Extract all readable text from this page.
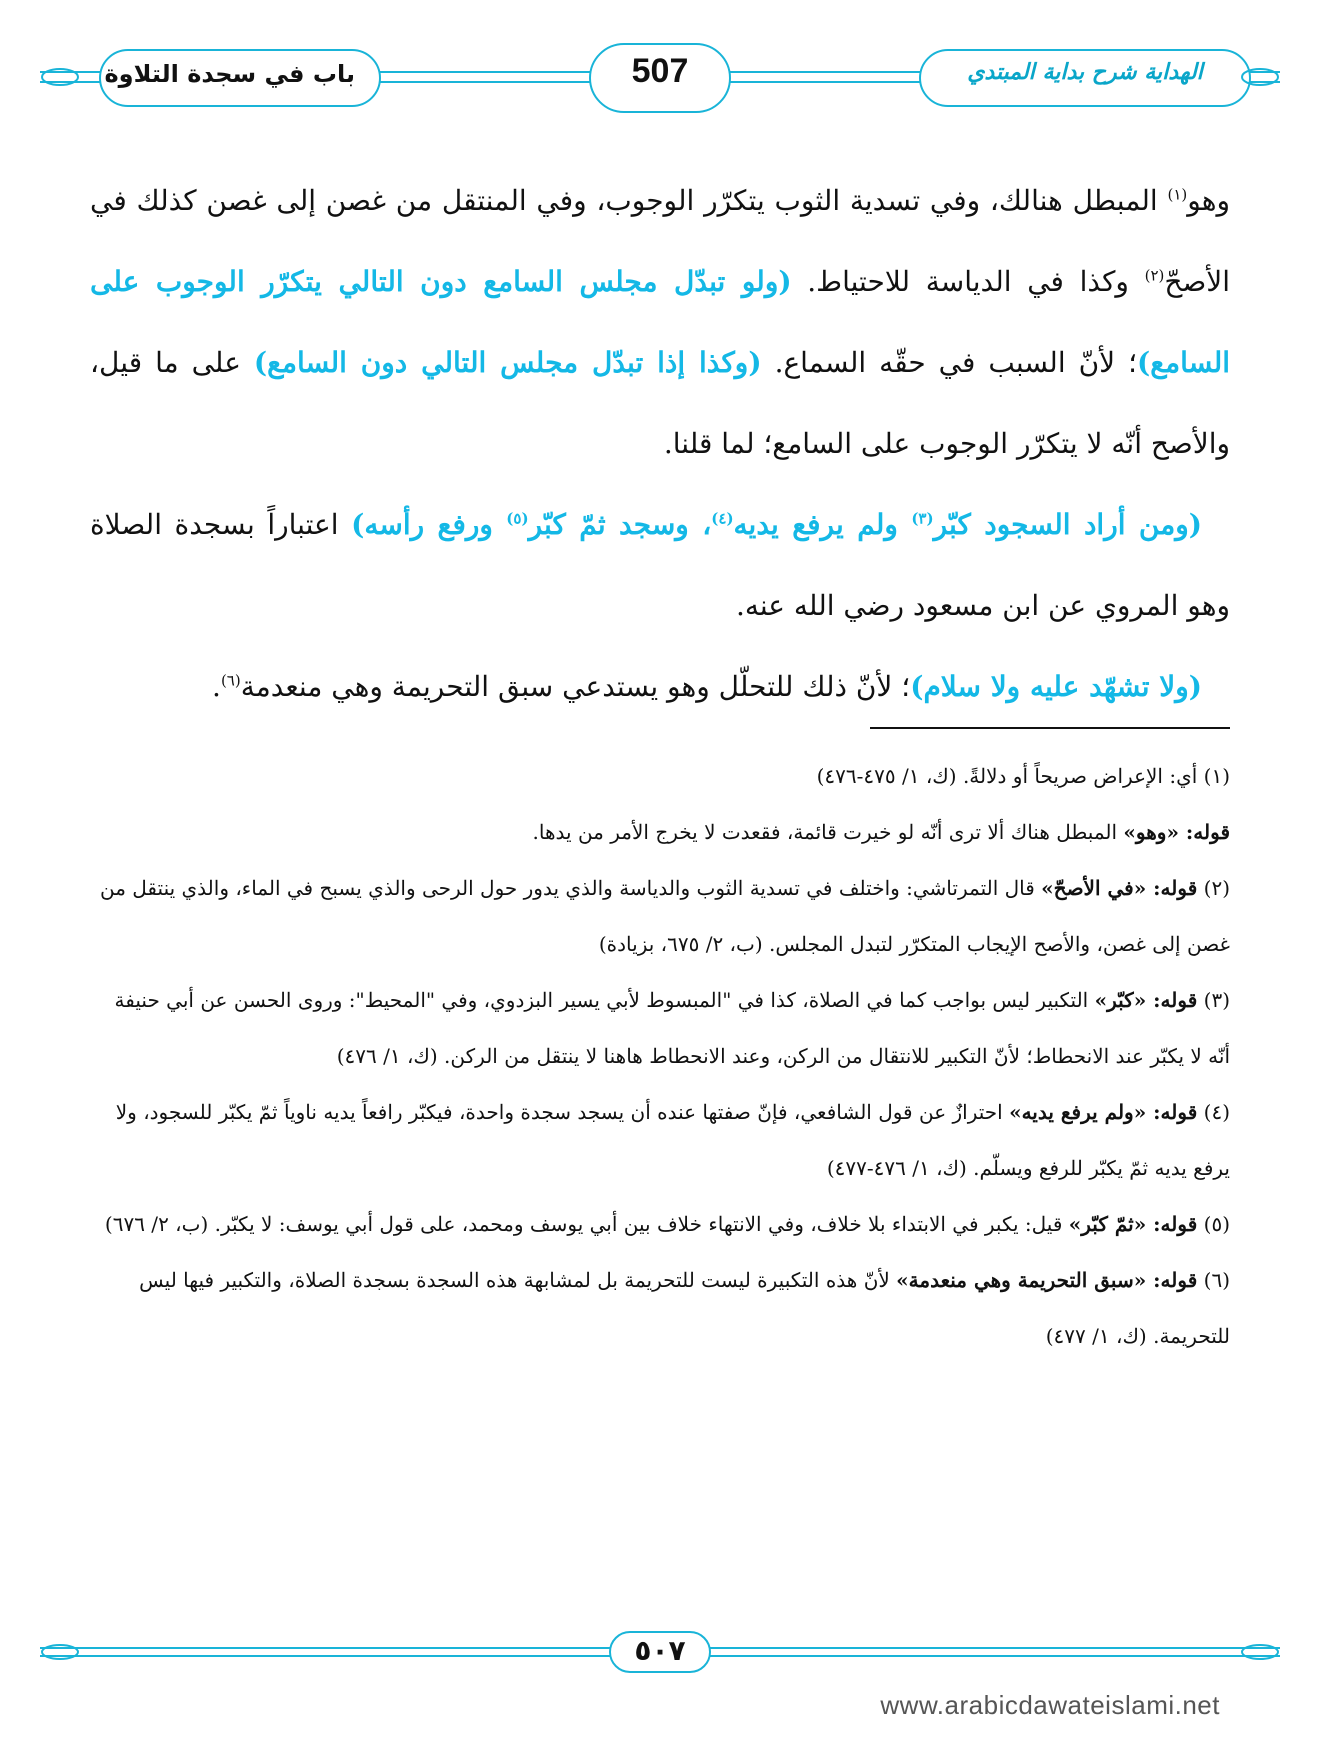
باب في سجدة التلاوة	507	الهداية شرح بداية المبتدي

وهو$^{(١)}$ المبطل هنالك، وفي تسدية الثوب يتكرّر الوجوب، وفي المنتقل من غصن إلى غصن كذلك في الأصحّ$^{(٢)}$ وكذا في الدياسة للاحتياط. (ولو تبدّل مجلس السامع دون التالي يتكرّر الوجوب على السامع)؛ لأنّ السبب في حقّه السماع. (وكذا إذا تبدّل مجلس التالي دون السامع) على ما قيل، والأصح أنّه لا يتكرّر الوجوب على السامع؛ لما قلنا.

(ومن أراد السجود كبّر$^{(٣)}$ ولم يرفع يديه$^{(٤)}$، وسجد ثمّ كبّر$^{(٥)}$ ورفع رأسه) اعتباراً بسجدة الصلاة وهو المروي عن ابن مسعود رضي الله عنه.

(ولا تشهّد عليه ولا سلام)؛ لأنّ ذلك للتحلّل وهو يستدعي سبق التحريمة وهي منعدمة$^{(٦)}$.

(١) أي: الإعراض صريحاً أو دلالةً. (ك، ١/ ٤٧٥-٤٧٦)
قوله: «وهو» المبطل هناك ألا ترى أنّه لو خيرت قائمة، فقعدت لا يخرج الأمر من يدها.
(٢) قوله: «في الأصحّ» قال التمرتاشي: واختلف في تسدية الثوب والدياسة والذي يدور حول الرحى والذي يسبح في الماء، والذي ينتقل من غصن إلى غصن، والأصح الإيجاب المتكرّر لتبدل المجلس. (ب، ٢/ ٦٧٥، بزيادة)
(٣) قوله: «كبّر» التكبير ليس بواجب كما في الصلاة، كذا في "المبسوط لأبي يسير البزدوي، وفي "المحيط": وروى الحسن عن أبي حنيفة أنّه لا يكبّر عند الانحطاط؛ لأنّ التكبير للانتقال من الركن، وعند الانحطاط هاهنا لا ينتقل من الركن. (ك، ١/ ٤٧٦)
(٤) قوله: «ولم يرفع يديه» احترازٌ عن قول الشافعي، فإنّ صفتها عنده أن يسجد سجدة واحدة، فيكبّر رافعاً يديه ناوياً ثمّ يكبّر للسجود، ولا يرفع يديه ثمّ يكبّر للرفع ويسلّم. (ك، ١/ ٤٧٦-٤٧٧)
(٥) قوله: «ثمّ كبّر» قيل: يكبر في الابتداء بلا خلاف، وفي الانتهاء خلاف بين أبي يوسف ومحمد، على قول أبي يوسف: لا يكبّر. (ب، ٢/ ٦٧٦)
(٦) قوله: «سبق التحريمة وهي منعدمة» لأنّ هذه التكبيرة ليست للتحريمة بل لمشابهة هذه السجدة بسجدة الصلاة، والتكبير فيها ليس للتحريمة. (ك، ١/ ٤٧٧)
٥٠٧
www.arabicdawateislami.net
